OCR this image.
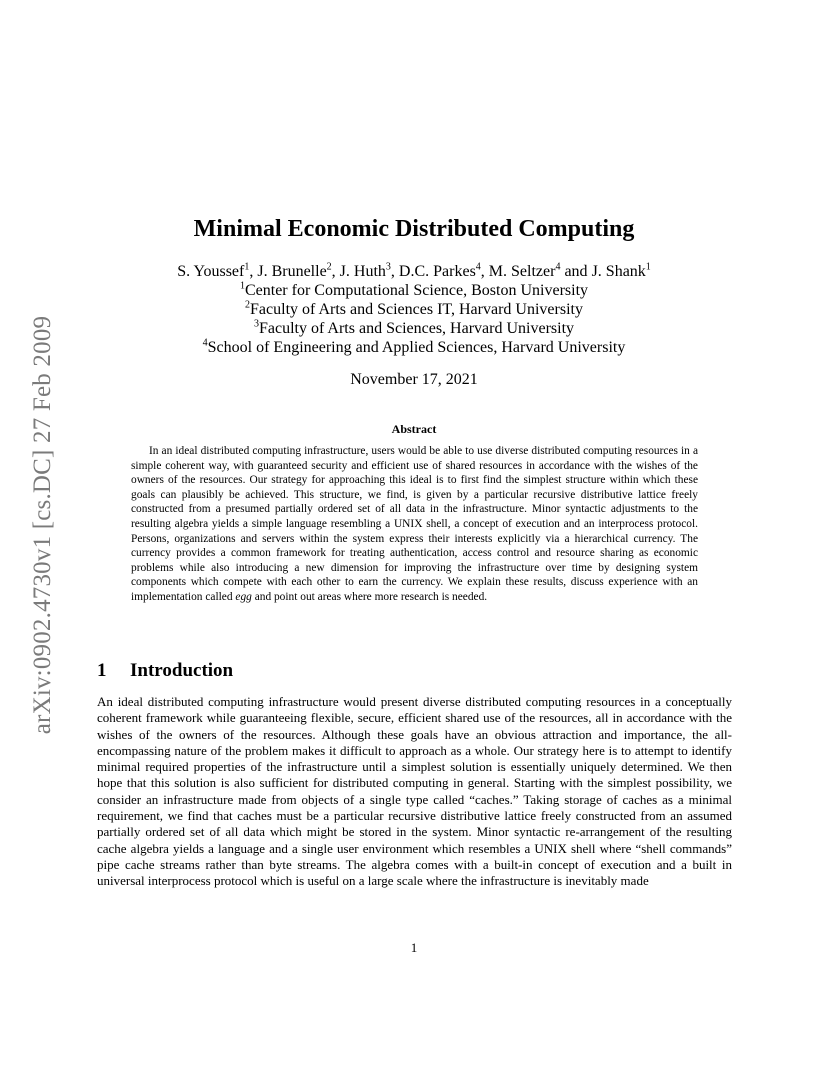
arXiv:0902.4730v1 [cs.DC] 27 Feb 2009
Minimal Economic Distributed Computing
S. Youssef$^1$, J. Brunelle$^2$, J. Huth$^3$, D.C. Parkes$^4$, M. Seltzer$^4$ and J. Shank$^1$
$^1$Center for Computational Science, Boston University
$^2$Faculty of Arts and Sciences IT, Harvard University
$^3$Faculty of Arts and Sciences, Harvard University
$^4$School of Engineering and Applied Sciences, Harvard University
November 17, 2021
Abstract

In an ideal distributed computing infrastructure, users would be able to use diverse distributed computing resources in a simple coherent way, with guaranteed security and efficient use of shared resources in accordance with the wishes of the owners of the resources. Our strategy for approaching this ideal is to first find the simplest structure within which these goals can plausibly be achieved. This structure, we find, is given by a particular recursive distributive lattice freely constructed from a presumed partially ordered set of all data in the infrastructure. Minor syntactic adjustments to the resulting algebra yields a simple language resembling a UNIX shell, a concept of execution and an interprocess protocol. Persons, organizations and servers within the system express their interests explicitly via a hierarchical currency. The currency provides a common framework for treating authentication, access control and resource sharing as economic problems while also introducing a new dimension for improving the infrastructure over time by designing system components which compete with each other to earn the currency. We explain these results, discuss experience with an implementation called egg and point out areas where more research is needed.

1 Introduction

An ideal distributed computing infrastructure would present diverse distributed computing resources in a conceptually coherent framework while guaranteeing flexible, secure, efficient shared use of the resources, all in accordance with the wishes of the owners of the resources. Although these goals have an obvious attraction and importance, the all-encompassing nature of the problem makes it difficult to approach as a whole. Our strategy here is to attempt to identify minimal required properties of the infrastructure until a simplest solution is essentially uniquely determined. We then hope that this solution is also sufficient for distributed computing in general. Starting with the simplest possibility, we consider an infrastructure made from objects of a single type called “caches.” Taking storage of caches as a minimal requirement, we find that caches must be a particular recursive distributive lattice freely constructed from an assumed partially ordered set of all data which might be stored in the system. Minor syntactic re-arrangement of the resulting cache algebra yields a language and a single user environment which resembles a UNIX shell where “shell commands” pipe cache streams rather than byte streams. The algebra comes with a built-in concept of execution and a built in universal interprocess protocol which is useful on a large scale where the infrastructure is inevitably made

1
